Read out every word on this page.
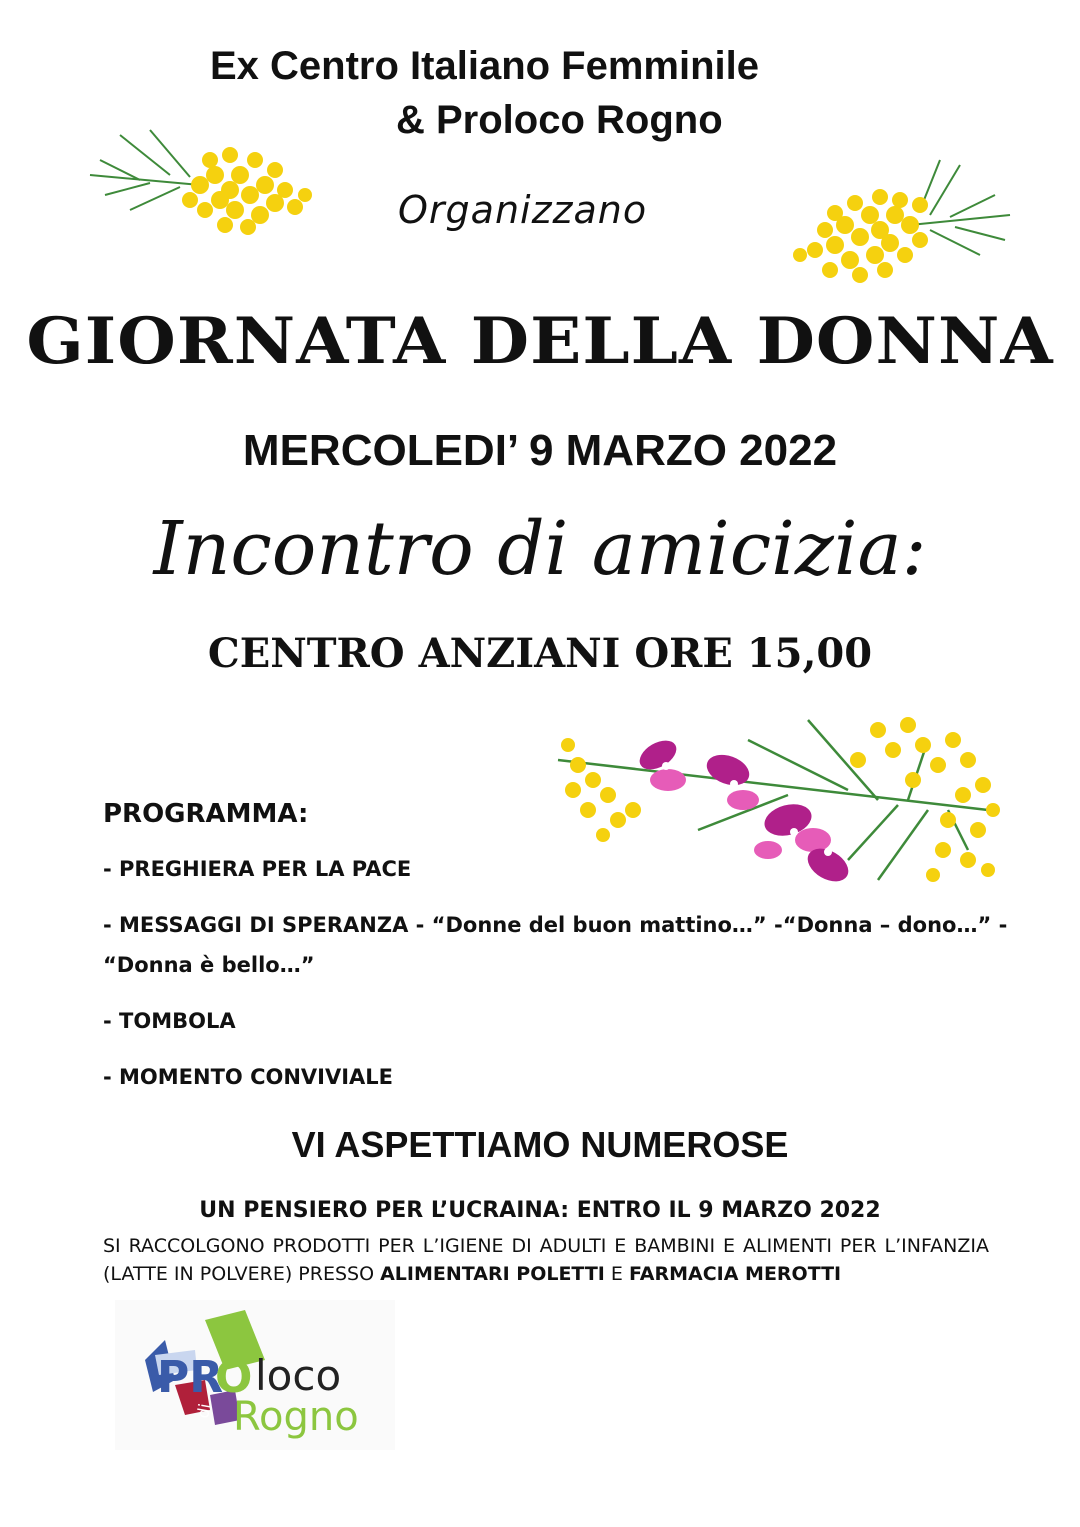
Ex Centro Italiano Femminile
& Proloco Rogno
Organizzano
GIORNATA DELLA DONNA
MERCOLEDI’ 9 MARZO 2022
Incontro di amicizia:
CENTRO ANZIANI ORE 15,00
PROGRAMMA:
- PREGHIERA PER LA PACE
- MESSAGGI DI SPERANZA - “Donne del buon mattino…” -“Donna – dono…” -
“Donna è bello…”
- TOMBOLA
- MOMENTO CONVIVIALE
VI ASPETTIAMO NUMEROSE
UN PENSIERO PER L’UCRAINA: ENTRO IL 9 MARZO 2022
SI RACCOLGONO PRODOTTI PER L’IGIENE DI ADULTI E BAMBINI E ALIMENTI PER L’INFANZIA (LATTE IN POLVERE) PRESSO ALIMENTARI POLETTI E FARMACIA MEROTTI
PR
O loco
di Rogno
